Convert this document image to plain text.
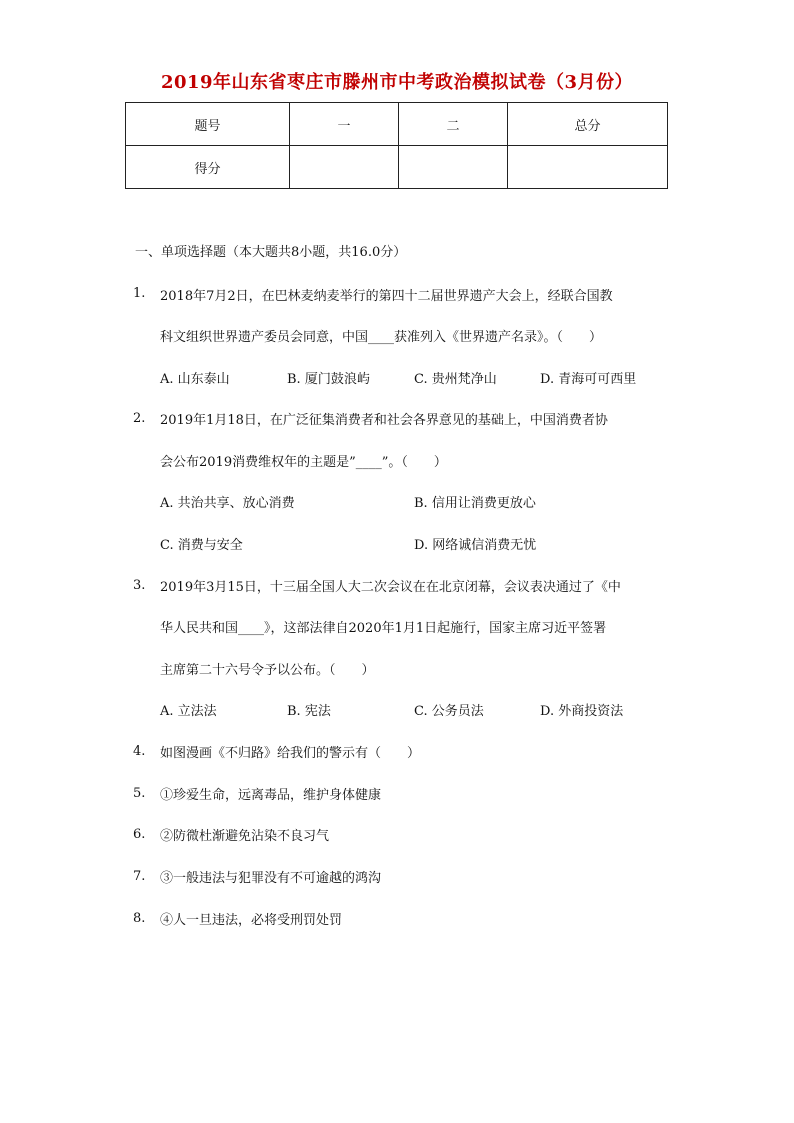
2019年山东省枣庄市滕州市中考政治模拟试卷（3月份）
题号	一	二	总分
得分			
一、单项选择题（本大题共8小题，共16.0分）
1. 2018年7月2日，在巴林麦纳麦举行的第四十二届世界遗产大会上，经联合国教
科文组织世界遗产委员会同意，中国____获准列入《世界遗产名录》。（　　）
A. 山东泰山	B. 厦门鼓浪屿	C. 贵州梵净山	D. 青海可可西里
2. 2019年1月18日，在广泛征集消费者和社会各界意见的基础上，中国消费者协
会公布2019消费维权年的主题是”____”。（　　）
A. 共治共享、放心消费	B. 信用让消费更放心
C. 消费与安全	D. 网络诚信消费无忧
3. 2019年3月15日，十三届全国人大二次会议在在北京闭幕，会议表决通过了《中
华人民共和国____》，这部法律自2020年1月1日起施行，国家主席习近平签署
主席第二十六号令予以公布。（　　）
A. 立法法	B. 宪法	C. 公务员法	D. 外商投资法
4. 如图漫画《不归路》给我们的警示有（　　）
5. ①珍爱生命，远离毒品，维护身体健康
6. ②防微杜渐避免沾染不良习气
7. ③一般违法与犯罪没有不可逾越的鸿沟
8. ④人一旦违法，必将受刑罚处罚
